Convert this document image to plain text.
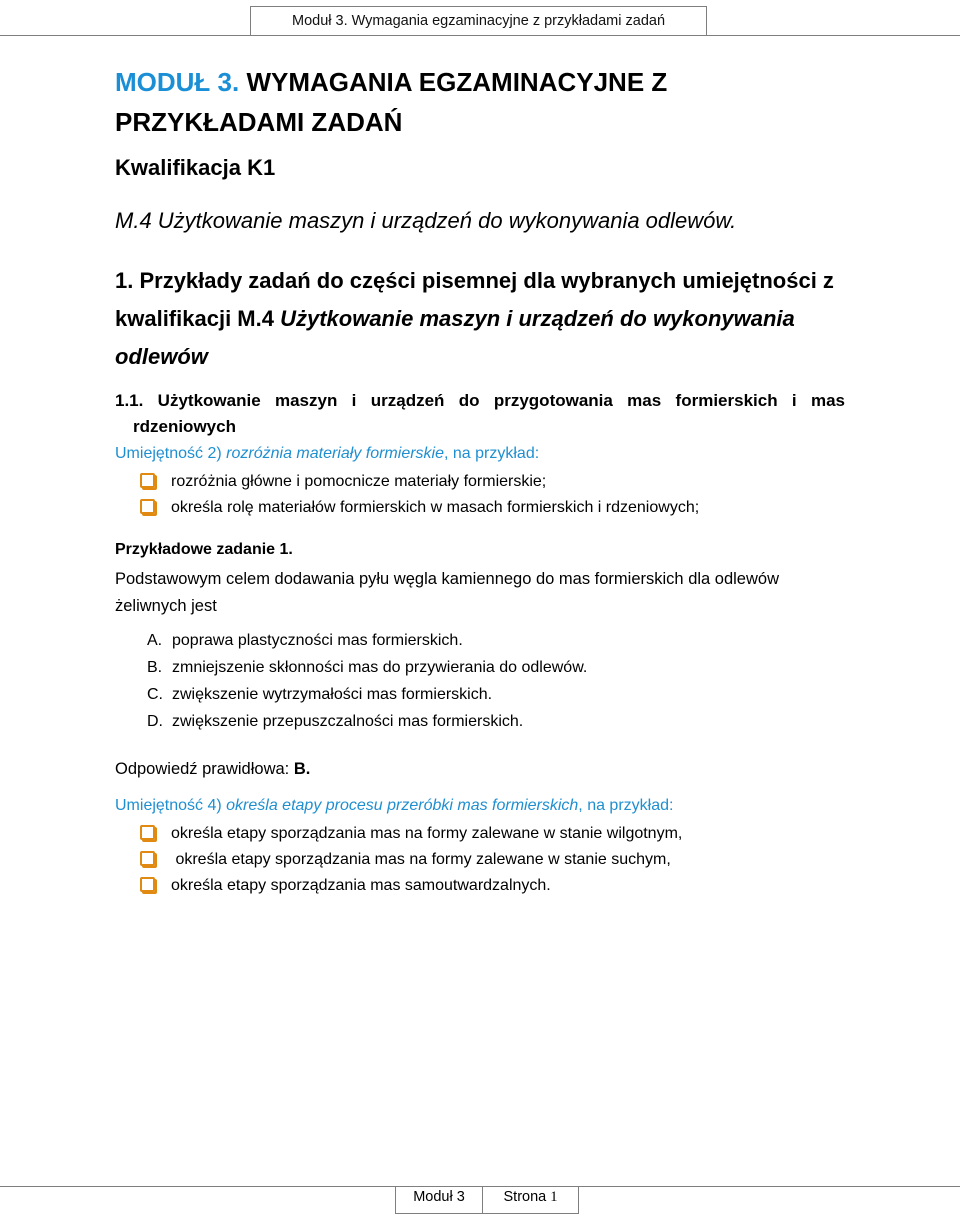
Moduł 3. Wymagania egzaminacyjne z przykładami zadań
MODUŁ 3. WYMAGANIA EGZAMINACYJNE Z PRZYKŁADAMI ZADAŃ
Kwalifikacja K1
M.4 Użytkowanie maszyn i urządzeń do wykonywania odlewów.
1. Przykłady zadań do części pisemnej dla wybranych umiejętności z kwalifikacji M.4 Użytkowanie maszyn i urządzeń do wykonywania odlewów
1.1. Użytkowanie maszyn i urządzeń do przygotowania mas formierskich i mas
rdzeniowych
Umiejętność 2) rozróżnia materiały formierskie, na przykład:
rozróżnia główne i pomocnicze materiały formierskie;
określa rolę materiałów formierskich w masach formierskich i rdzeniowych;
Przykładowe zadanie 1.
Podstawowym celem dodawania pyłu węgla kamiennego do mas formierskich dla odlewów żeliwnych jest
A. poprawa plastyczności mas formierskich.
B. zmniejszenie skłonności mas do przywierania do odlewów.
C. zwiększenie wytrzymałości mas formierskich.
D. zwiększenie przepuszczalności mas formierskich.
Odpowiedź prawidłowa: B.
Umiejętność 4) określa etapy procesu przeróbki mas formierskich, na przykład:
określa etapy sporządzania mas na formy zalewane w stanie wilgotnym,
określa etapy sporządzania mas na formy zalewane w stanie suchym,
określa etapy sporządzania mas samoutwardzalnych.
Moduł 3	Strona 1
